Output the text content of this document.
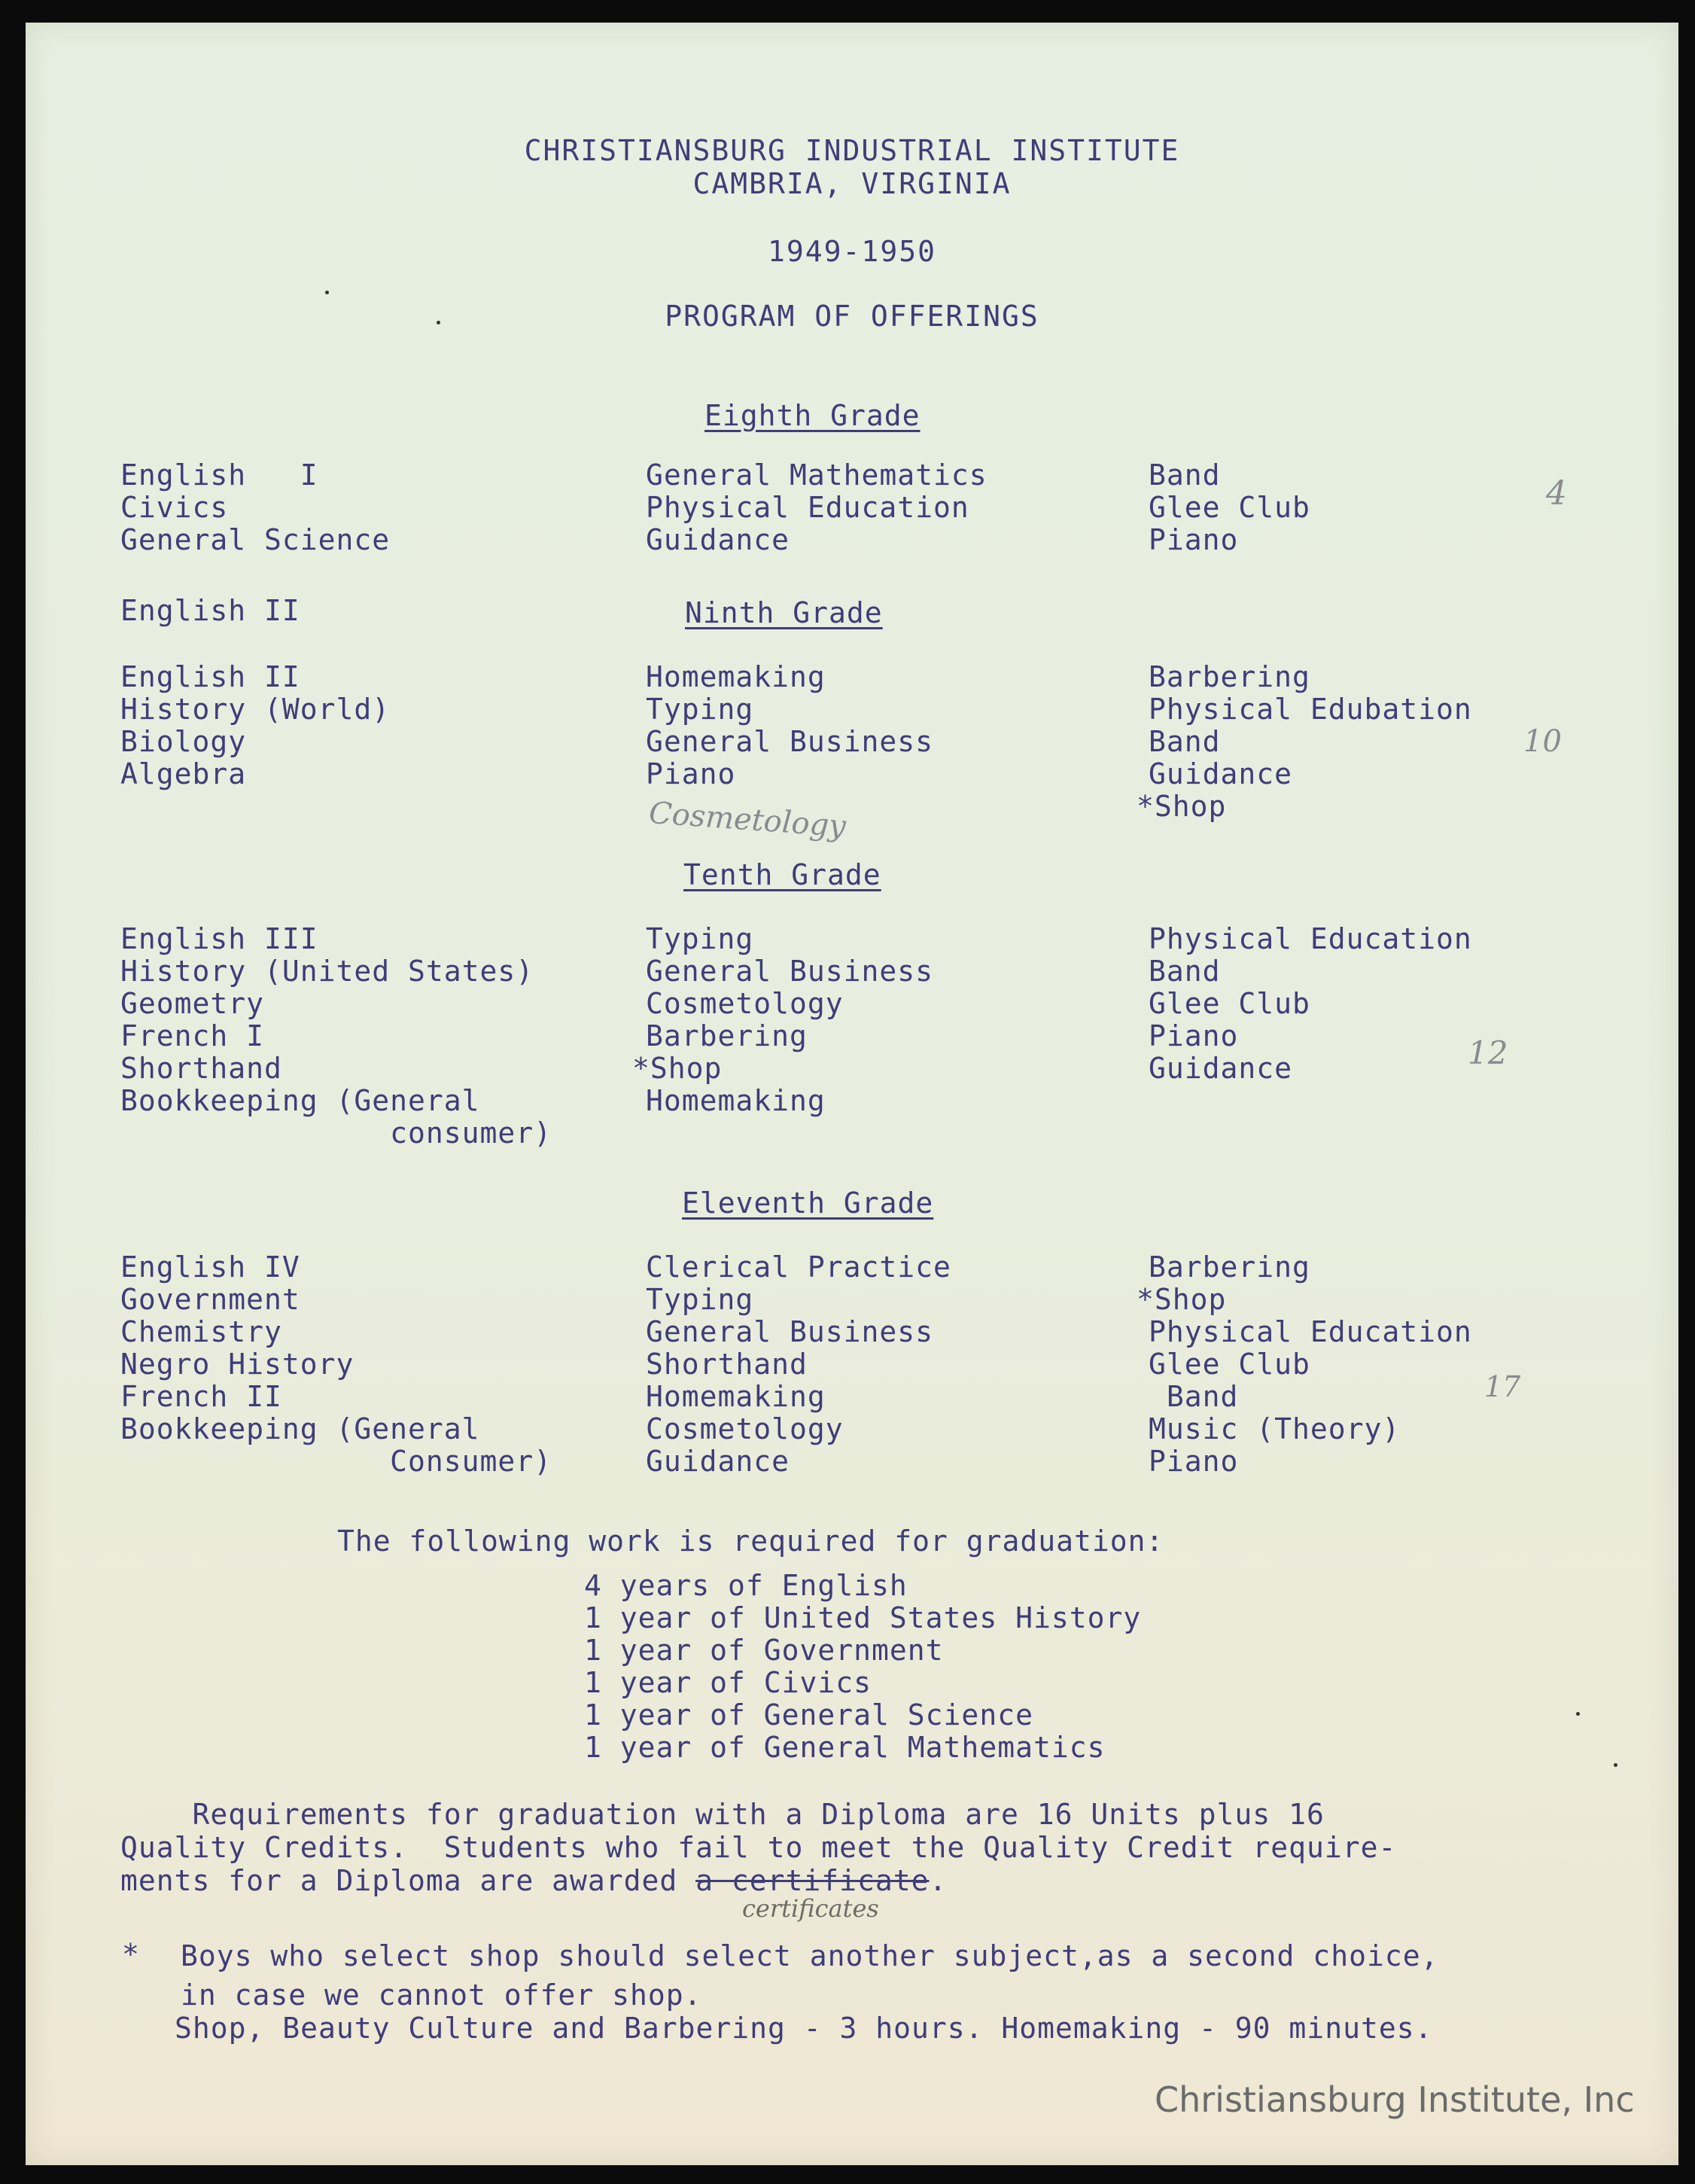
CHRISTIANSBURG INDUSTRIAL INSTITUTE
CAMBRIA, VIRGINIA
1949-1950
PROGRAM OF OFFERINGS
Eighth Grade
English   I
Civics
General Science
General Mathematics
Physical Education
Guidance
Band
Glee Club
Piano
4
English II	Ninth Grade
English II
History (World)
Biology
Algebra
Homemaking
Typing
General Business
Piano
Barbering
Physical Edubation
Band
Guidance
*Shop
Cosmetology
10
Tenth Grade
English III
History (United States)
Geometry
French I
Shorthand
Bookkeeping (General
consumer)
Typing
General Business
Cosmetology
Barbering
*Shop
Homemaking
Physical Education
Band
Glee Club
Piano
Guidance	12
Eleventh Grade
English IV
Government
Chemistry
Negro History
French II
Bookkeeping (General
Consumer)
Clerical Practice
Typing
General Business
Shorthand
Homemaking
Cosmetology
Guidance
Barbering
*Shop
Physical Education
Glee Club
Band
Music (Theory)
Piano
17
The following work is required for graduation:
4 years of English
1 year of United States History
1 year of Government
1 year of Civics
1 year of General Science
1 year of General Mathematics
Requirements for graduation with a Diploma are 16 Units plus 16
Quality Credits.  Students who fail to meet the Quality Credit require-
ments for a Diploma are awarded a certificate.
certificates
* Boys who select shop should select another subject,as a second choice,
in case we cannot offer shop.
Shop, Beauty Culture and Barbering - 3 hours. Homemaking - 90 minutes.
Christiansburg Institute, Inc
